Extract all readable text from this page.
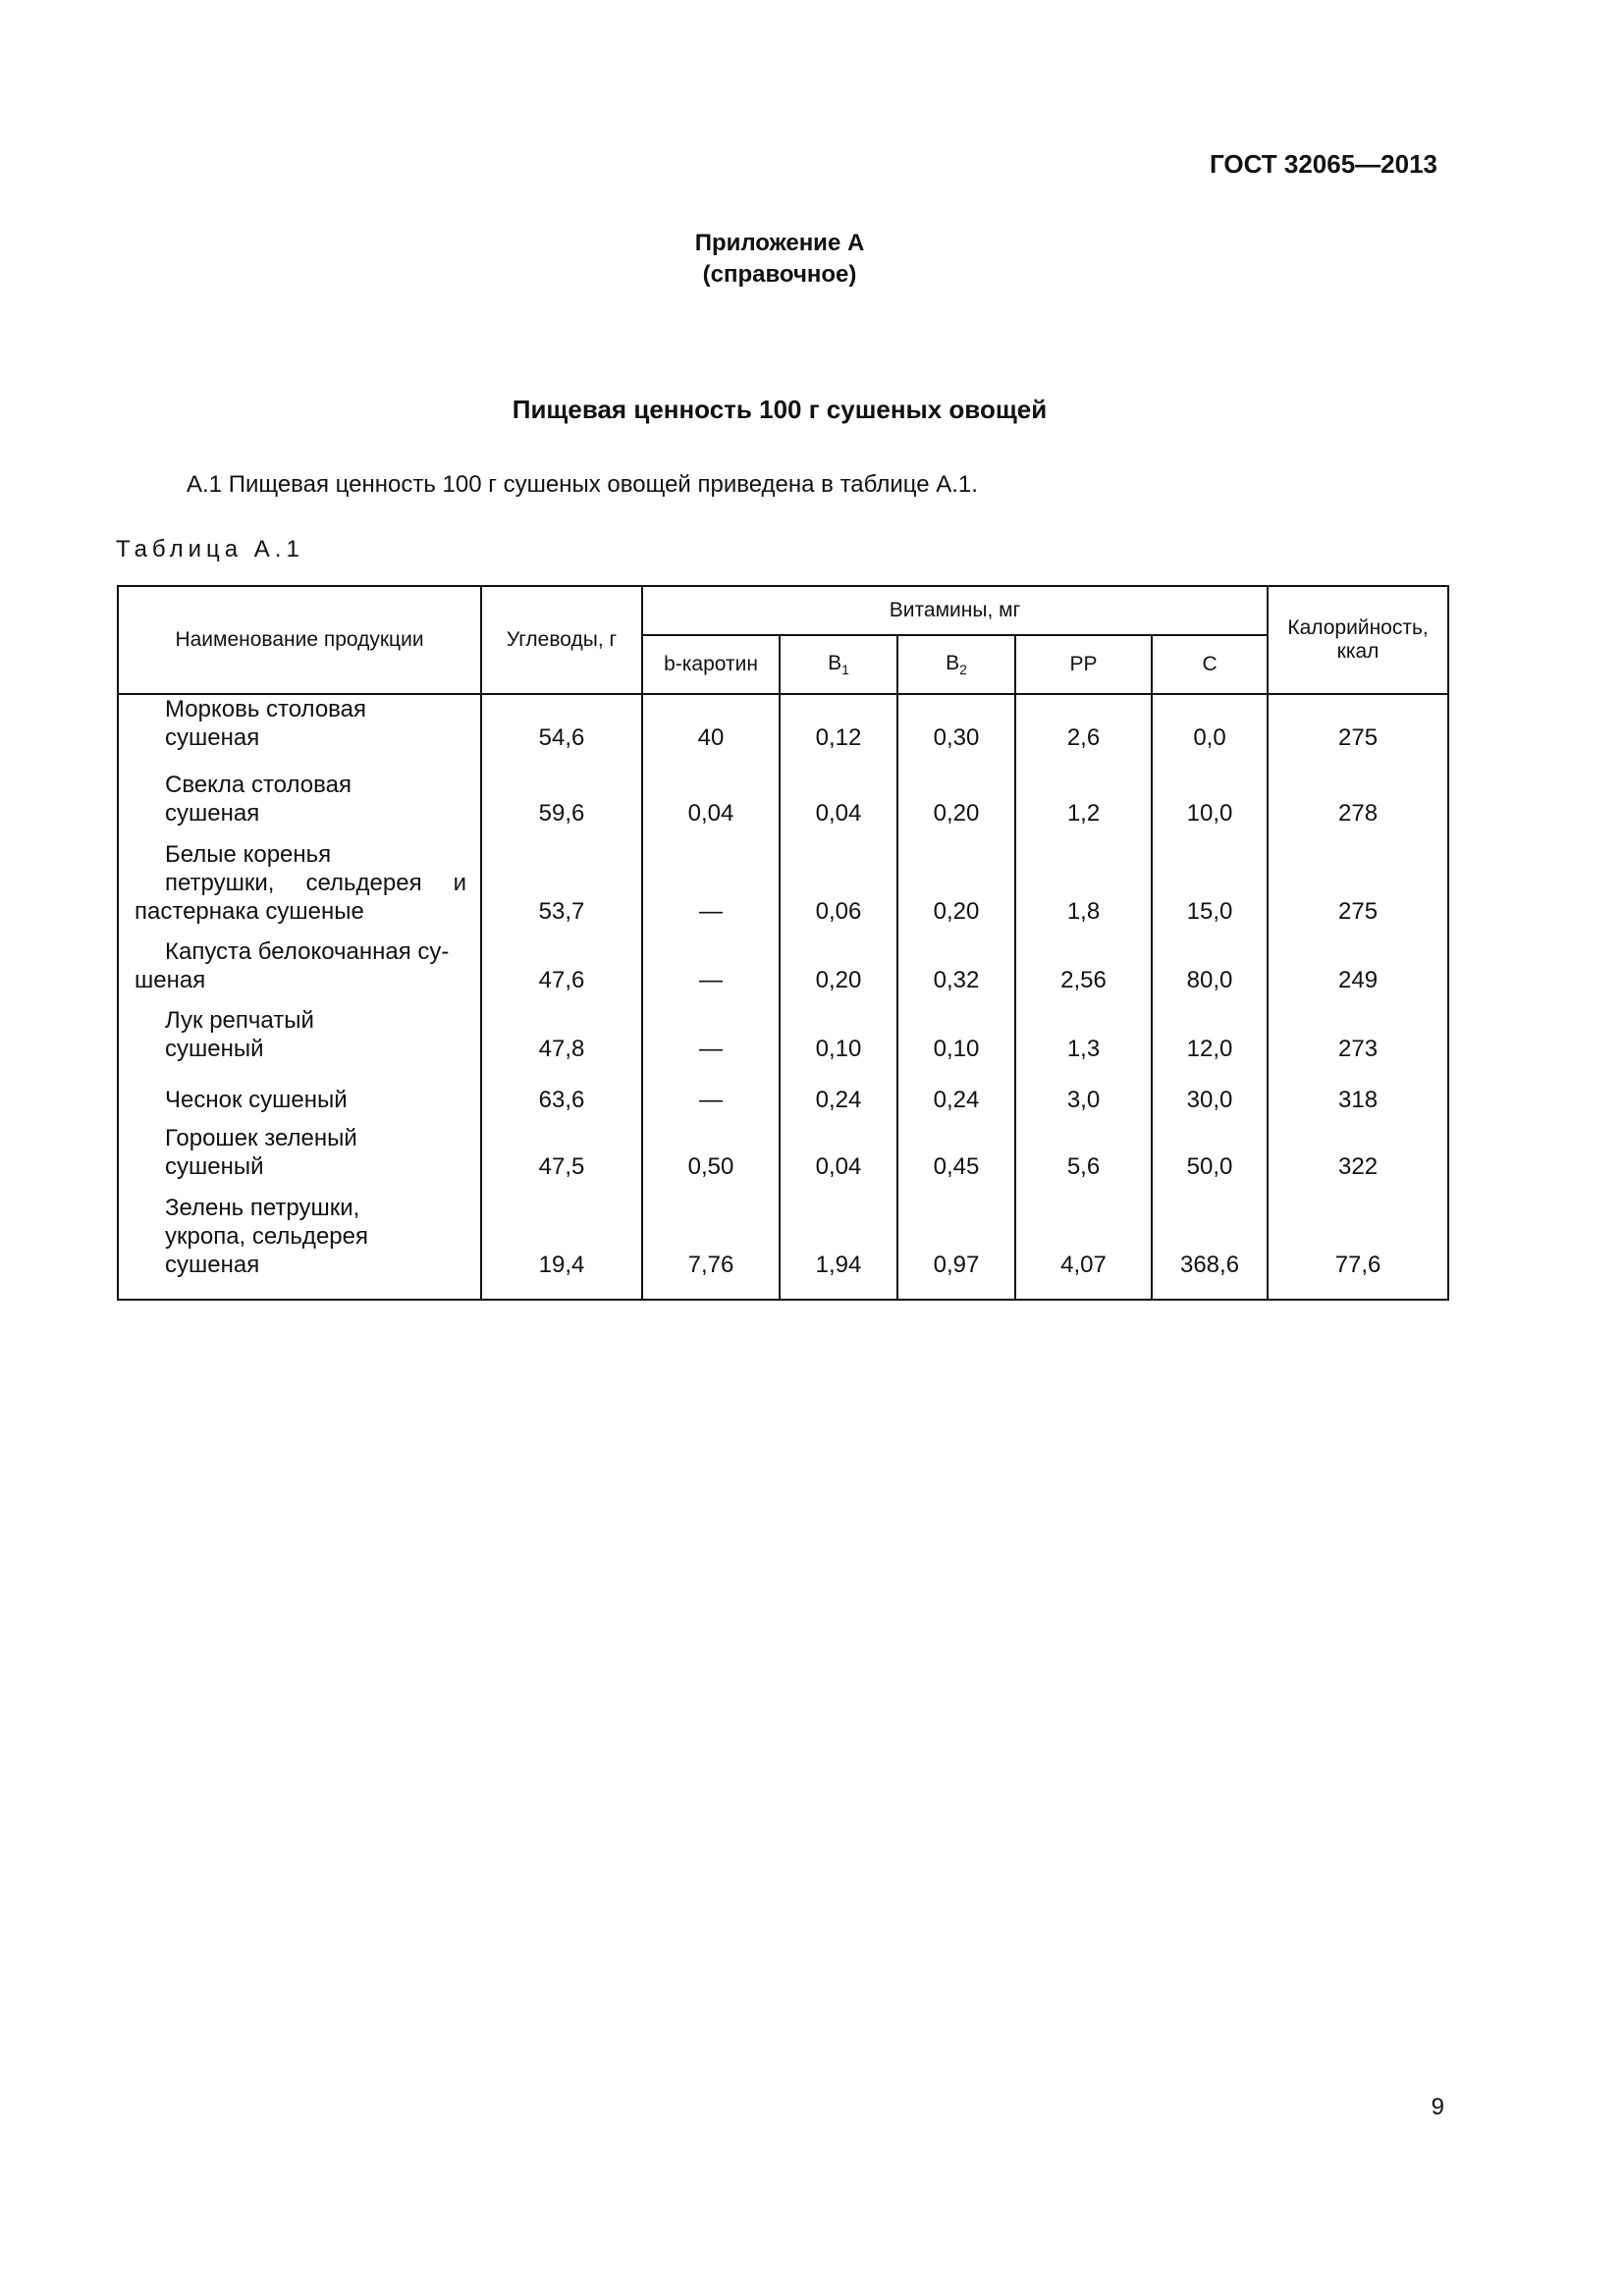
ГОСТ 32065—2013
Приложение А
(справочное)
Пищевая ценность 100 г сушеных овощей
А.1 Пищевая ценность 100 г сушеных овощей приведена в таблице А.1.
Таблица А.1
Наименование продукции	Углеводы, г	Витамины, мг					Калорийность, ккал
		b-каротин	$В_1$	$В_2$	РР	С	

Морковь столовая
сушеная	54,6	40	0,12	0,30	2,6	0,0	275

Свекла столовая
сушеная	59,6	0,04	0,04	0,20	1,2	10,0	278

Белые коренья
петрушки, сельдерея и
пастернака сушеные	53,7	—	0,06	0,20	1,8	15,0	275

Капуста белокочанная су-
шеная	47,6	—	0,20	0,32	2,56	80,0	249

Лук репчатый
сушеный	47,8	—	0,10	0,10	1,3	12,0	273

Чеснок сушеный	63,6	—	0,24	0,24	3,0	30,0	318

Горошек зеленый
сушеный	47,5	0,50	0,04	0,45	5,6	50,0	322

Зелень петрушки,
укропа, сельдерея
сушеная	19,4	7,76	1,94	0,97	4,07	368,6	77,6
9
